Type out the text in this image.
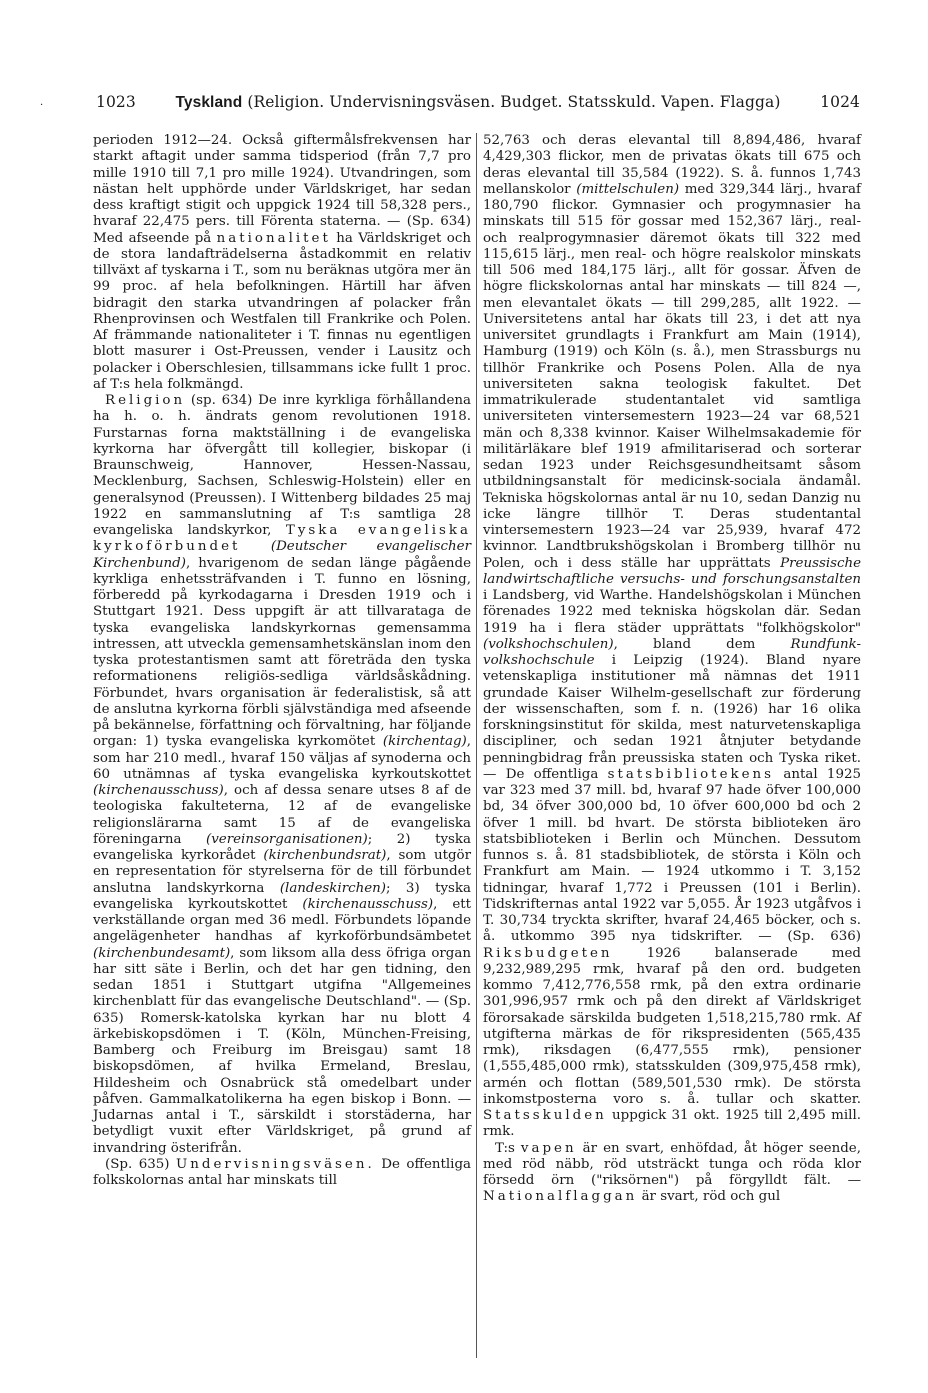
·	1023	Tyskland (Religion. Undervisningsväsen. Budget. Statsskuld. Vapen. Flagga)	1024

perioden 1912—24. Också giftermålsfrekvensen har starkt aftagit under samma tidsperiod (från 7,7 pro mille 1910 till 7,1 pro mille 1924). Utvandringen, som nästan helt upphörde under Världskriget, har sedan dess kraftigt stigit och uppgick 1924 till 58,328 pers., hvaraf 22,475 pers. till Förenta staterna. — (Sp. 634) Med afseende på nationalitet ha Världskriget och de stora landafträdelserna åstadkommit en relativ tillväxt af tyskarna i T., som nu beräknas utgöra mer än 99 proc. af hela befolkningen. Härtill har äfven bidragit den starka utvandringen af polacker från Rhenprovinsen och Westfalen till Frankrike och Polen. Af främmande nationaliteter i T. finnas nu egentligen blott masurer i Ost-Preussen, vender i Lausitz och polacker i Oberschlesien, tillsammans icke fullt 1 proc. af T:s hela folkmängd.

Religion (sp. 634) De inre kyrkliga förhållandena ha h. o. h. ändrats genom revolutionen 1918. Furstarnas forna maktställning i de evangeliska kyrkorna har öfvergått till kollegier, biskopar (i Braunschweig, Hannover, Hessen-Nassau, Mecklenburg, Sachsen, Schleswig-Holstein) eller en generalsynod (Preussen). I Wittenberg bildades 25 maj 1922 en sammanslutning af T:s samtliga 28 evangeliska landskyrkor, Tyska evangeliska kyrkoförbundet (Deutscher evangelischer Kirchenbund), hvarigenom de sedan länge pågående kyrkliga enhetssträfvanden i T. funno en lösning, förberedd på kyrkodagarna i Dresden 1919 och i Stuttgart 1921. Dess uppgift är att tillvarataga de tyska evangeliska landskyrkornas gemensamma intressen, att utveckla gemensamhetskänslan inom den tyska protestantismen samt att företräda den tyska reformationens religiös-sedliga världsåskådning. Förbundet, hvars organisation är federalistisk, så att de anslutna kyrkorna förbli självständiga med afseende på bekännelse, författning och förvaltning, har följande organ: 1) tyska evangeliska kyrkomötet (kirchentag), som har 210 medl., hvaraf 150 väljas af synoderna och 60 utnämnas af tyska evangeliska kyrkoutskottet (kirchenausschuss), och af dessa senare utses 8 af de teologiska fakulteterna, 12 af de evangeliske religionslärarna samt 15 af de evangeliska föreningarna (vereinsorganisationen); 2) tyska evangeliska kyrkorådet (kirchenbundsrat), som utgör en representation för styrelserna för de till förbundet anslutna landskyrkorna (landeskirchen); 3) tyska evangeliska kyrkoutskottet (kirchenausschuss), ett verkställande organ med 36 medl. Förbundets löpande angelägenheter handhas af kyrkoförbundsämbetet (kirchenbundesamt), som liksom alla dess öfriga organ har sitt säte i Berlin, och det har gen tidning, den sedan 1851 i Stuttgart utgifna "Allgemeines kirchenblatt für das evangelische Deutschland". — (Sp. 635) Romersk-katolska kyrkan har nu blott 4 ärkebiskopsdömen i T. (Köln, München-Freising, Bamberg och Freiburg im Breisgau) samt 18 biskopsdömen, af hvilka Ermeland, Breslau, Hildesheim och Osnabrück stå omedelbart under påfven. Gammalkatolikerna ha egen biskop i Bonn. — Judarnas antal i T., särskildt i storstäderna, har betydligt vuxit efter Världskriget, på grund af invandring österifrån.

(Sp. 635) Undervisningsväsen. De offentliga folkskolornas antal har minskats till

52,763 och deras elevantal till 8,894,486, hvaraf 4,429,303 flickor, men de privatas ökats till 675 och deras elevantal till 35,584 (1922). S. å. funnos 1,743 mellanskolor (mittelschulen) med 329,344 lärj., hvaraf 180,790 flickor. Gymnasier och progymnasier ha minskats till 515 för gossar med 152,367 lärj., real- och realprogymnasier däremot ökats till 322 med 115,615 lärj., men real- och högre realskolor minskats till 506 med 184,175 lärj., allt för gossar. Äfven de högre flickskolornas antal har minskats — till 824 —, men elevantalet ökats — till 299,285, allt 1922. — Universitetens antal har ökats till 23, i det att nya universitet grundlagts i Frankfurt am Main (1914), Hamburg (1919) och Köln (s. å.), men Strassburgs nu tillhör Frankrike och Posens Polen. Alla de nya universiteten sakna teologisk fakultet. Det immatrikulerade studentantalet vid samtliga universiteten vintersemestern 1923—24 var 68,521 män och 8,338 kvinnor. Kaiser Wilhelmsakademie för militärläkare blef 1919 afmilitariserad och sorterar sedan 1923 under Reichsgesundheitsamt såsom utbildningsanstalt för medicinsk-sociala ändamål. Tekniska högskolornas antal är nu 10, sedan Danzig nu icke längre tillhör T. Deras studentantal vintersemestern 1923—24 var 25,939, hvaraf 472 kvinnor. Landtbrukshögskolan i Bromberg tillhör nu Polen, och i dess ställe har upprättats Preussische landwirtschaftliche versuchs- und forschungsanstalten i Landsberg, vid Warthe. Handelshögskolan i München förenades 1922 med tekniska högskolan där. Sedan 1919 ha i flera städer upprättats "folkhögskolor" (volkshochschulen), bland dem	Rundfunk-volkshochschule i Leipzig (1924). Bland nyare vetenskapliga institutioner må nämnas det 1911 grundade Kaiser Wilhelm-gesellschaft zur förderung der wissenschaften, som f. n. (1926) har 16 olika forskningsinstitut för skilda, mest naturvetenskapliga discipliner, och sedan 1921 åtnjuter betydande penningbidrag från preussiska staten och Tyska riket. — De offentliga statsbibliotekens antal 1925 var 323 med 37 mill. bd, hvaraf 97 hade öfver 100,000 bd, 34 öfver 300,000 bd, 10 öfver 600,000 bd och 2 öfver 1 mill. bd hvart. De största biblioteken äro statsbiblioteken i Berlin och München. Dessutom funnos s. å. 81 stadsbibliotek, de största i Köln och Frankfurt am Main. — 1924 utkommo i T. 3,152 tidningar, hvaraf 1,772 i Preussen (101 i Berlin). Tidskrifternas antal 1922 var 5,055. År 1923 utgåfvos i T. 30,734 tryckta skrifter, hvaraf 24,465 böcker, och s. å. utkommo 395 nya tidskrifter. — (Sp. 636) Riksbudgeten	1926 balanserade med 9,232,989,295 rmk, hvaraf på den ord. budgeten kommo 7,412,776,558 rmk, på den extra ordinarie 301,996,957 rmk och på den direkt af Världskriget förorsakade särskilda budgeten 1,518,215,780 rmk. Af utgifterna märkas de för rikspresidenten (565,435 rmk), riksdagen (6,477,555 rmk), pensioner (1,555,485,000 rmk), statsskulden (309,975,458 rmk), armén och flottan (589,501,530 rmk). De största inkomstposterna voro s. å. tullar och skatter. Statsskulden uppgick 31 okt. 1925 till 2,495 mill. rmk.

T:s vapen är en svart, enhöfdad, åt höger seende, med röd näbb, röd utsträckt tunga och röda klor försedd örn ("riksörnen") på förgylldt fält. — Nationalflaggan är svart, röd och gul
